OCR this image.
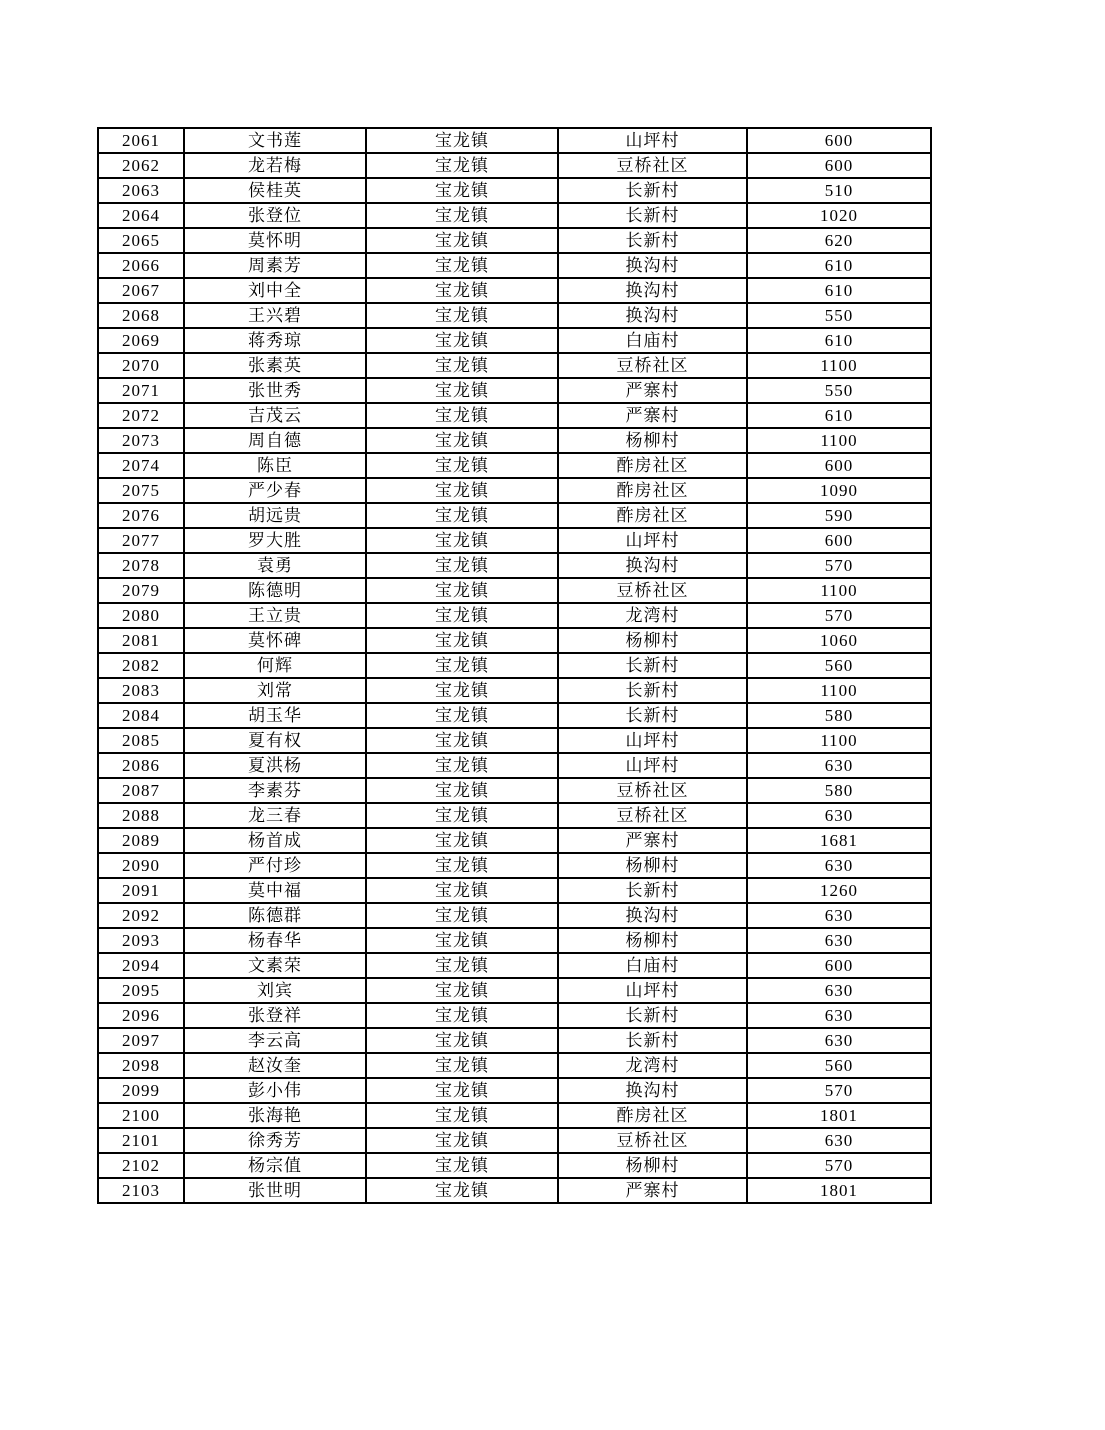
2061	文书莲	宝龙镇	山坪村	600
2062	龙若梅	宝龙镇	豆桥社区	600
2063	侯桂英	宝龙镇	长新村	510
2064	张登位	宝龙镇	长新村	1020
2065	莫怀明	宝龙镇	长新村	620
2066	周素芳	宝龙镇	换沟村	610
2067	刘中全	宝龙镇	换沟村	610
2068	王兴碧	宝龙镇	换沟村	550
2069	蒋秀琼	宝龙镇	白庙村	610
2070	张素英	宝龙镇	豆桥社区	1100
2071	张世秀	宝龙镇	严寨村	550
2072	吉茂云	宝龙镇	严寨村	610
2073	周自德	宝龙镇	杨柳村	1100
2074	陈臣	宝龙镇	酢房社区	600
2075	严少春	宝龙镇	酢房社区	1090
2076	胡远贵	宝龙镇	酢房社区	590
2077	罗大胜	宝龙镇	山坪村	600
2078	袁勇	宝龙镇	换沟村	570
2079	陈德明	宝龙镇	豆桥社区	1100
2080	王立贵	宝龙镇	龙湾村	570
2081	莫怀碑	宝龙镇	杨柳村	1060
2082	何辉	宝龙镇	长新村	560
2083	刘常	宝龙镇	长新村	1100
2084	胡玉华	宝龙镇	长新村	580
2085	夏有权	宝龙镇	山坪村	1100
2086	夏洪杨	宝龙镇	山坪村	630
2087	李素芬	宝龙镇	豆桥社区	580
2088	龙三春	宝龙镇	豆桥社区	630
2089	杨首成	宝龙镇	严寨村	1681
2090	严付珍	宝龙镇	杨柳村	630
2091	莫中福	宝龙镇	长新村	1260
2092	陈德群	宝龙镇	换沟村	630
2093	杨春华	宝龙镇	杨柳村	630
2094	文素荣	宝龙镇	白庙村	600
2095	刘宾	宝龙镇	山坪村	630
2096	张登祥	宝龙镇	长新村	630
2097	李云高	宝龙镇	长新村	630
2098	赵汝奎	宝龙镇	龙湾村	560
2099	彭小伟	宝龙镇	换沟村	570
2100	张海艳	宝龙镇	酢房社区	1801
2101	徐秀芳	宝龙镇	豆桥社区	630
2102	杨宗值	宝龙镇	杨柳村	570
2103	张世明	宝龙镇	严寨村	1801
